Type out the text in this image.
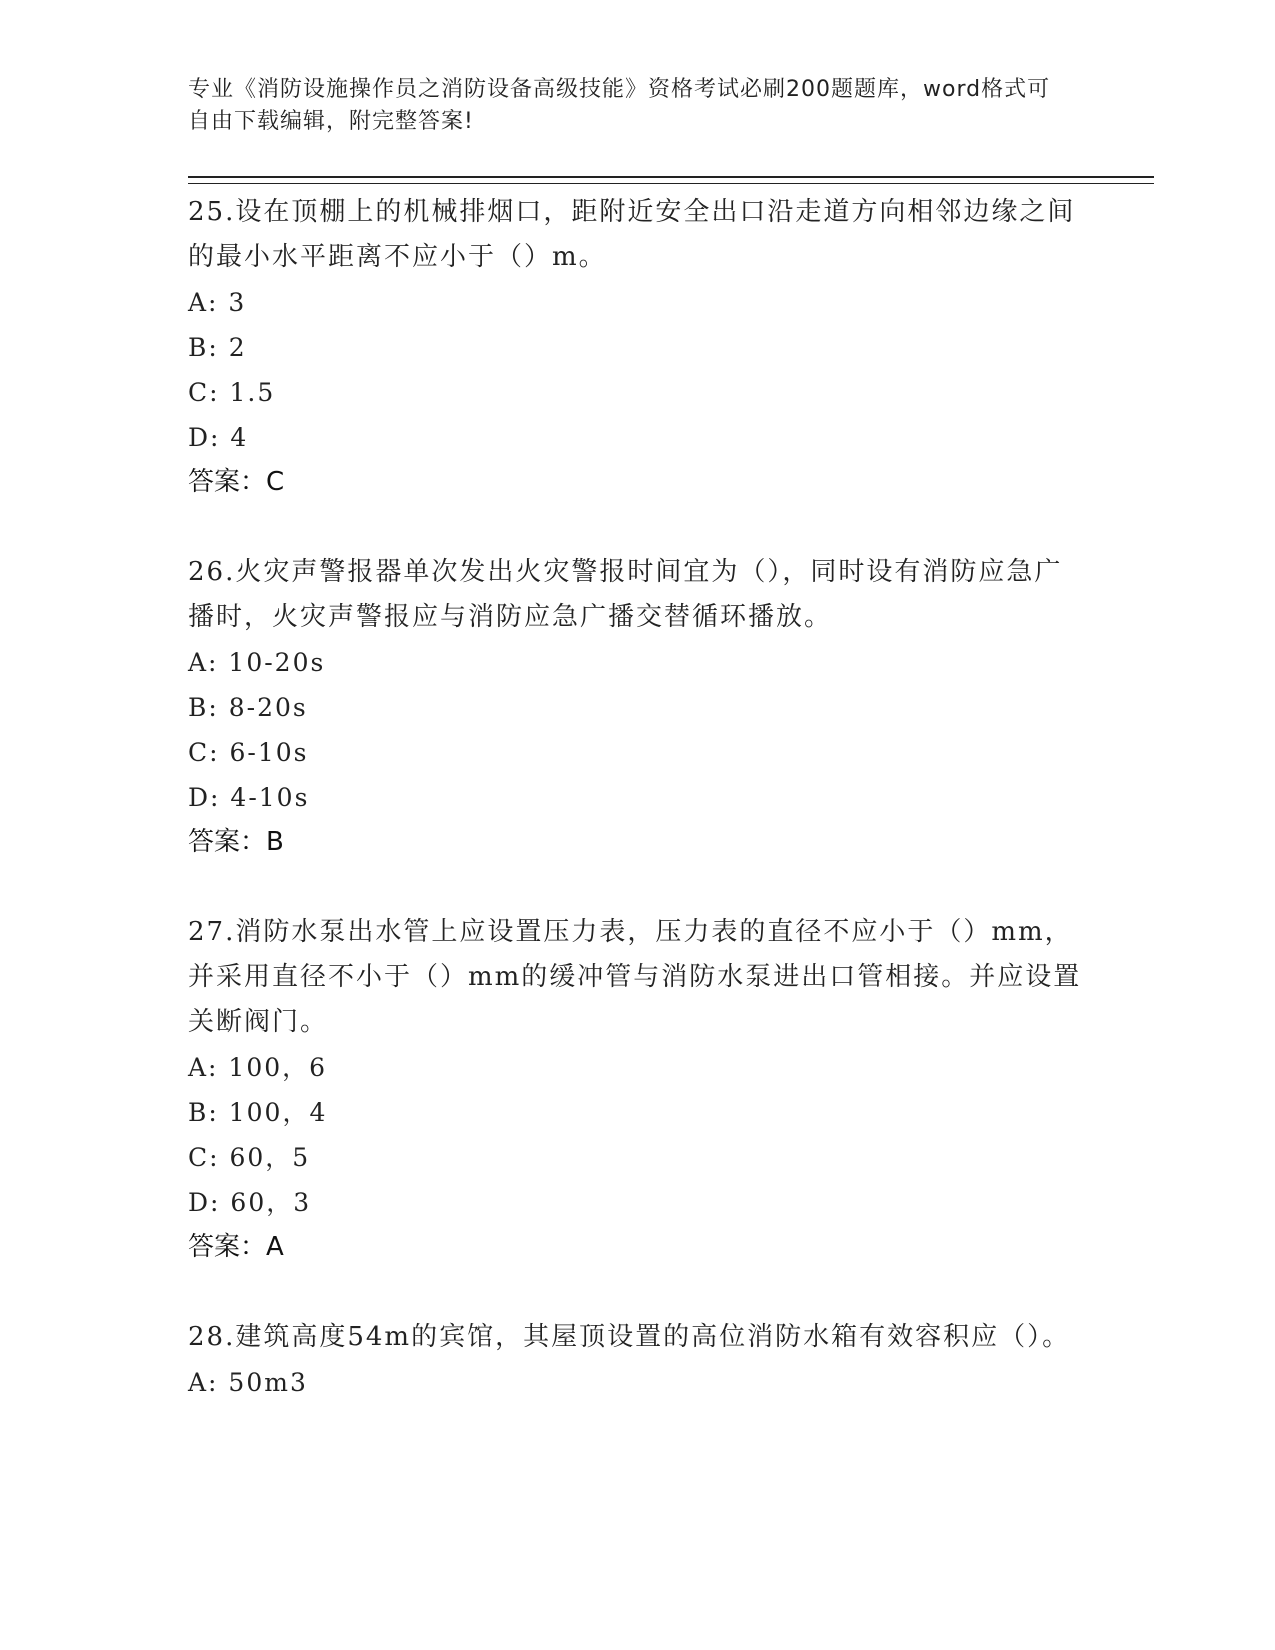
专业《消防设施操作员之消防设备高级技能》资格考试必刷200题题库，word格式可自由下载编辑，附完整答案!

25.设在顶棚上的机械排烟口，距附近安全出口沿走道方向相邻边缘之间的最小水平距离不应小于（）m。

A: 3

B: 2

C: 1.5

D: 4

答案：C

26.火灾声警报器单次发出火灾警报时间宜为（），同时设有消防应急广播时，火灾声警报应与消防应急广播交替循环播放。

A: 10-20s

B: 8-20s

C: 6-10s

D: 4-10s

答案：B

27.消防水泵出水管上应设置压力表，压力表的直径不应小于（）mm，并采用直径不小于（）mm的缓冲管与消防水泵进出口管相接。并应设置关断阀门。

A: 100，6

B: 100，4

C: 60，5

D: 60，3

答案：A

28.建筑高度54m的宾馆，其屋顶设置的高位消防水箱有效容积应（）。

A: 50m3
